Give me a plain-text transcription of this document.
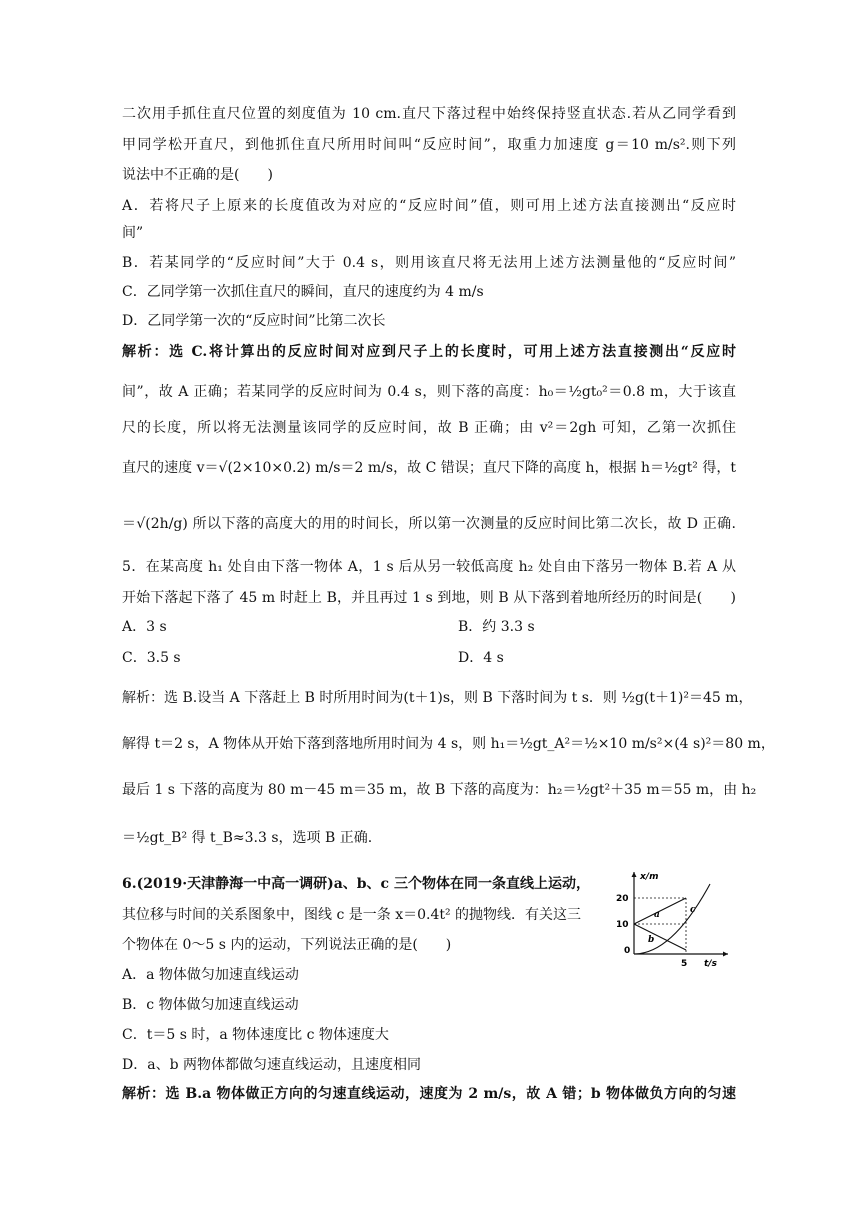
二次用手抓住直尺位置的刻度值为 10 cm.直尺下落过程中始终保持竖直状态.若从乙同学看到
甲同学松开直尺，到他抓住直尺所用时间叫“反应时间”，取重力加速度 g＝10 m/s².则下列
说法中不正确的是(　　)
A．若将尺子上原来的长度值改为对应的“反应时间”值，则可用上述方法直接测出“反应时
间”
B．若某同学的“反应时间”大于 0.4 s，则用该直尺将无法用上述方法测量他的“反应时间”
C．乙同学第一次抓住直尺的瞬间，直尺的速度约为 4 m/s
D．乙同学第一次的“反应时间”比第二次长
解析：选 C.将计算出的反应时间对应到尺子上的长度时，可用上述方法直接测出“反应时
间”，故 A 正确；若某同学的反应时间为 0.4 s，则下落的高度：h₀＝½gt₀²＝0.8 m，大于该直
尺的长度，所以将无法测量该同学的反应时间，故 B 正确；由 v²＝2gh 可知，乙第一次抓住
直尺的速度 v＝√(2×10×0.2) m/s＝2 m/s，故 C 错误；直尺下降的高度 h，根据 h＝½gt² 得，t
＝√(2h/g) 所以下落的高度大的用的时间长，所以第一次测量的反应时间比第二次长，故 D 正确.
5．在某高度 h₁ 处自由下落一物体 A，1 s 后从另一较低高度 h₂ 处自由下落另一物体 B.若 A 从
开始下落起下落了 45 m 时赶上 B，并且再过 1 s 到地，则 B 从下落到着地所经历的时间是(　　)
A．3 s	B．约 3.3 s
C．3.5 s	D．4 s
解析：选 B.设当 A 下落赶上 B 时所用时间为(t＋1)s，则 B 下落时间为 t s．则 ½g(t＋1)²＝45 m，
解得 t＝2 s，A 物体从开始下落到落地所用时间为 4 s，则 h₁＝½gt_A²＝½×10 m/s²×(4 s)²＝80 m，
最后 1 s 下落的高度为 80 m－45 m＝35 m，故 B 下落的高度为：h₂＝½gt²＋35 m＝55 m，由 h₂
＝½gt_B² 得 t_B≈3.3 s，选项 B 正确.
6.(2019·天津静海一中高一调研)a、b、c 三个物体在同一条直线上运动，
其位移与时间的关系图象中，图线 c 是一条 x＝0.4t² 的抛物线．有关这三
个物体在 0～5 s 内的运动，下列说法正确的是(　　)
A．a 物体做匀加速直线运动
B．c 物体做匀加速直线运动
C．t＝5 s 时，a 物体速度比 c 物体速度大
D．a、b 两物体都做匀速直线运动，且速度相同
解析：选 B.a 物体做正方向的匀速直线运动，速度为 2 m/s，故 A 错；b 物体做负方向的匀速
x/m
t/s
20
10
0
5
a
b
c
